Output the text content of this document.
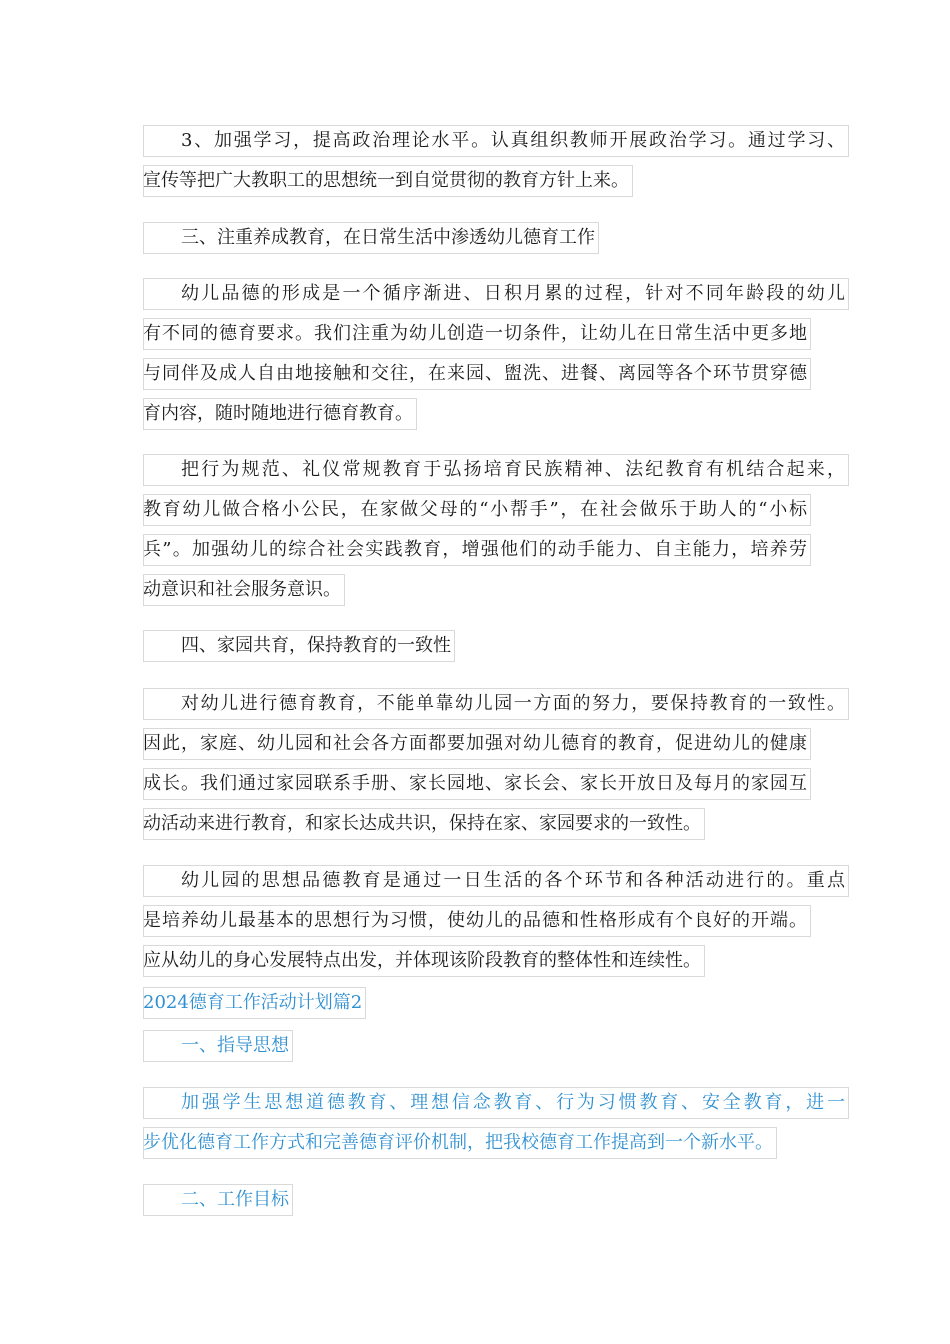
3、加强学习，提高政治理论水平。认真组织教师开展政治学习。通过学习、
宣传等把广大教职工的思想统一到自觉贯彻的教育方针上来。
三、注重养成教育，在日常生活中渗透幼儿德育工作
幼儿品德的形成是一个循序渐进、日积月累的过程，针对不同年龄段的幼儿
有不同的德育要求。我们注重为幼儿创造一切条件，让幼儿在日常生活中更多地
与同伴及成人自由地接触和交往，在来园、盥洗、进餐、离园等各个环节贯穿德
育内容，随时随地进行德育教育。
把行为规范、礼仪常规教育于弘扬培育民族精神、法纪教育有机结合起来，
教育幼儿做合格小公民，在家做父母的“小帮手”，在社会做乐于助人的“小标
兵”。加强幼儿的综合社会实践教育，增强他们的动手能力、自主能力，培养劳
动意识和社会服务意识。
四、家园共育，保持教育的一致性
对幼儿进行德育教育，不能单靠幼儿园一方面的努力，要保持教育的一致性。
因此，家庭、幼儿园和社会各方面都要加强对幼儿德育的教育，促进幼儿的健康
成长。我们通过家园联系手册、家长园地、家长会、家长开放日及每月的家园互
动活动来进行教育，和家长达成共识，保持在家、家园要求的一致性。
幼儿园的思想品德教育是通过一日生活的各个环节和各种活动进行的。重点
是培养幼儿最基本的思想行为习惯，使幼儿的品德和性格形成有个良好的开端。
应从幼儿的身心发展特点出发，并体现该阶段教育的整体性和连续性。
2024德育工作活动计划篇2
一、指导思想
加强学生思想道德教育、理想信念教育、行为习惯教育、安全教育，进一
步优化德育工作方式和完善德育评价机制，把我校德育工作提高到一个新水平。
二、工作目标
